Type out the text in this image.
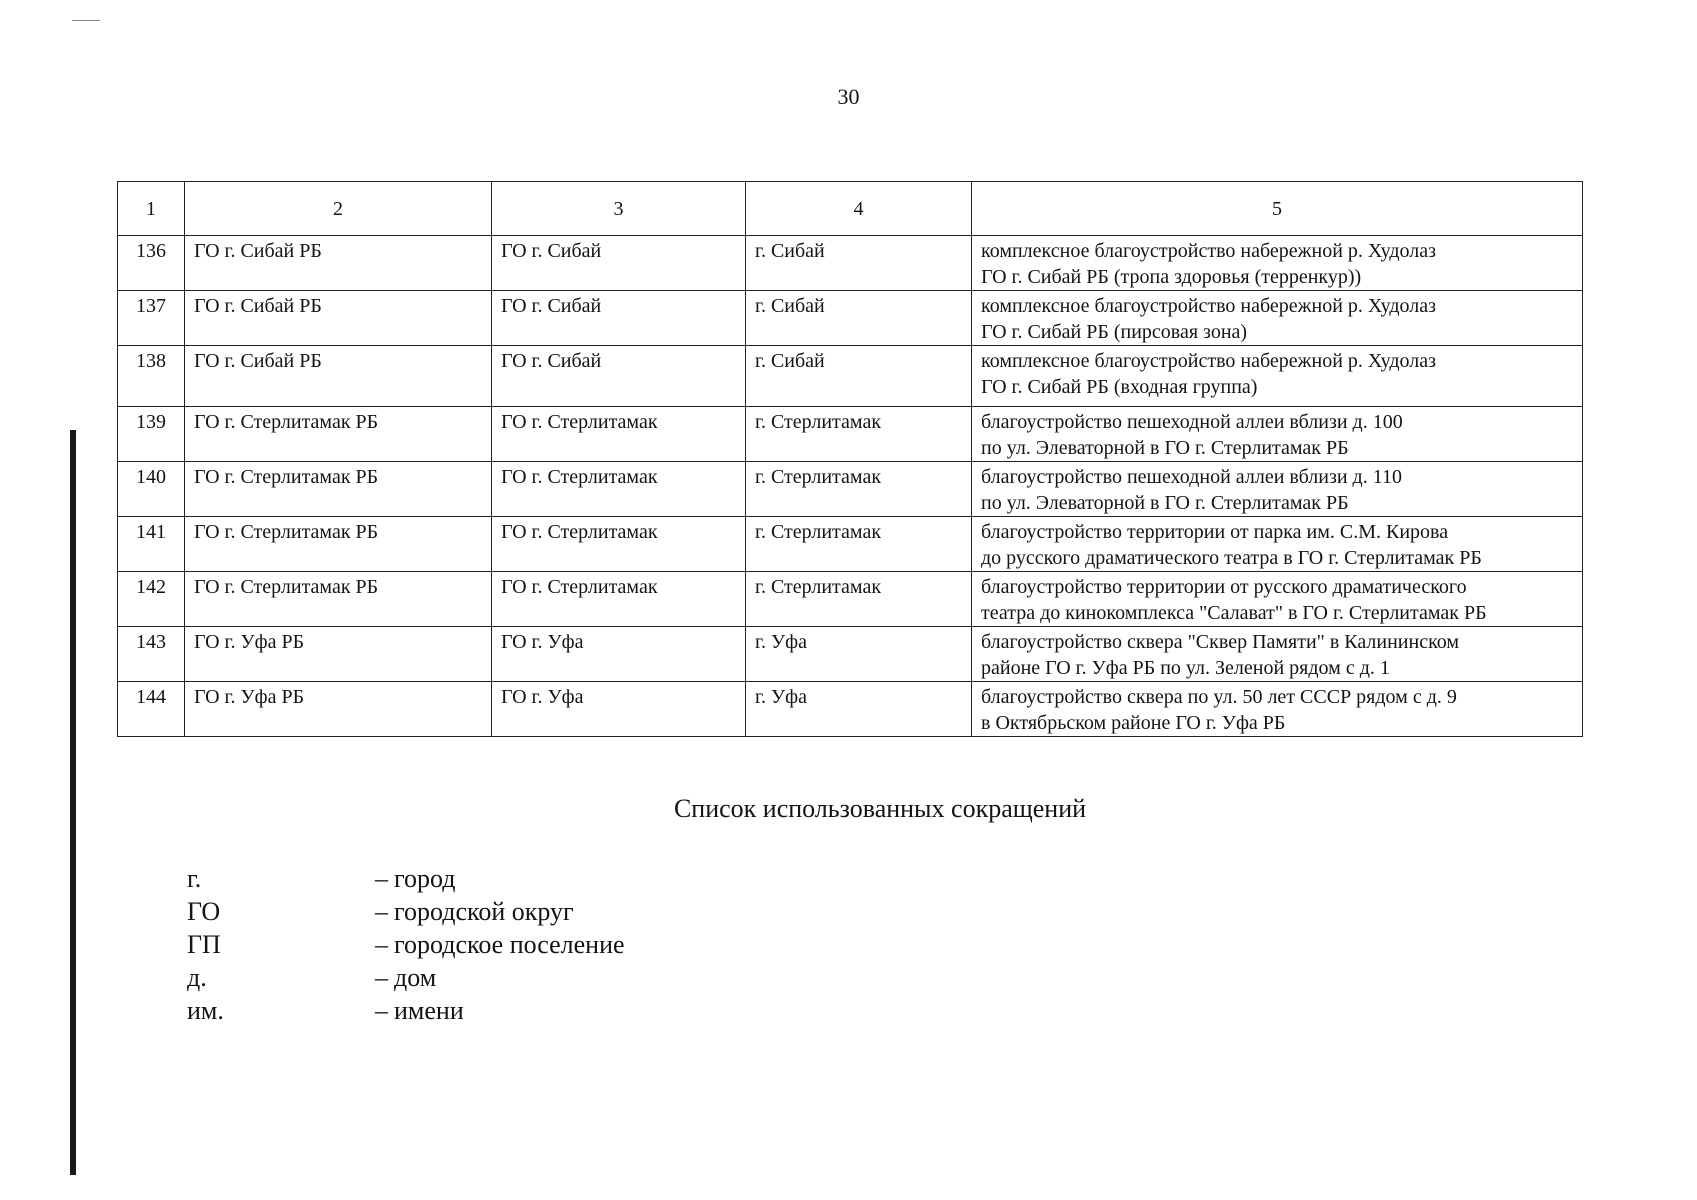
30
1	2	3	4	5
136	ГО г. Сибай РБ	ГО г. Сибай	г. Сибай	комплексное благоустройство набережной р. Худолаз
ГО г. Сибай РБ (тропа здоровья (терренкур))

137	ГО г. Сибай РБ	ГО г. Сибай	г. Сибай	комплексное благоустройство набережной р. Худолаз
ГО г. Сибай РБ (пирсовая зона)

138	ГО г. Сибай РБ	ГО г. Сибай	г. Сибай	комплексное благоустройство набережной р. Худолаз
ГО г. Сибай РБ (входная группа)

139	ГО г. Стерлитамак РБ	ГО г. Стерлитамак	г. Стерлитамак	благоустройство пешеходной аллеи вблизи д. 100
по ул. Элеваторной в ГО г. Стерлитамак РБ

140	ГО г. Стерлитамак РБ	ГО г. Стерлитамак	г. Стерлитамак	благоустройство пешеходной аллеи вблизи д. 110
по ул. Элеваторной в ГО г. Стерлитамак РБ

141	ГО г. Стерлитамак РБ	ГО г. Стерлитамак	г. Стерлитамак	благоустройство территории от парка им. С.М. Кирова
до русского драматического театра в ГО г. Стерлитамак РБ

142	ГО г. Стерлитамак РБ	ГО г. Стерлитамак	г. Стерлитамак	благоустройство территории от русского драматического
театра до кинокомплекса "Салават" в ГО г. Стерлитамак РБ

143	ГО г. Уфа РБ	ГО г. Уфа	г. Уфа	благоустройство сквера "Сквер Памяти" в Калининском
районе ГО г. Уфа РБ по ул. Зеленой рядом с д. 1

144	ГО г. Уфа РБ	ГО г. Уфа	г. Уфа	благоустройство сквера по ул. 50 лет СССР рядом с д. 9
в Октябрьском районе ГО г. Уфа РБ
Список использованных сокращений
г.	– город
ГО	– городской округ
ГП	– городское поселение
д.	– дом
им.	– имени
